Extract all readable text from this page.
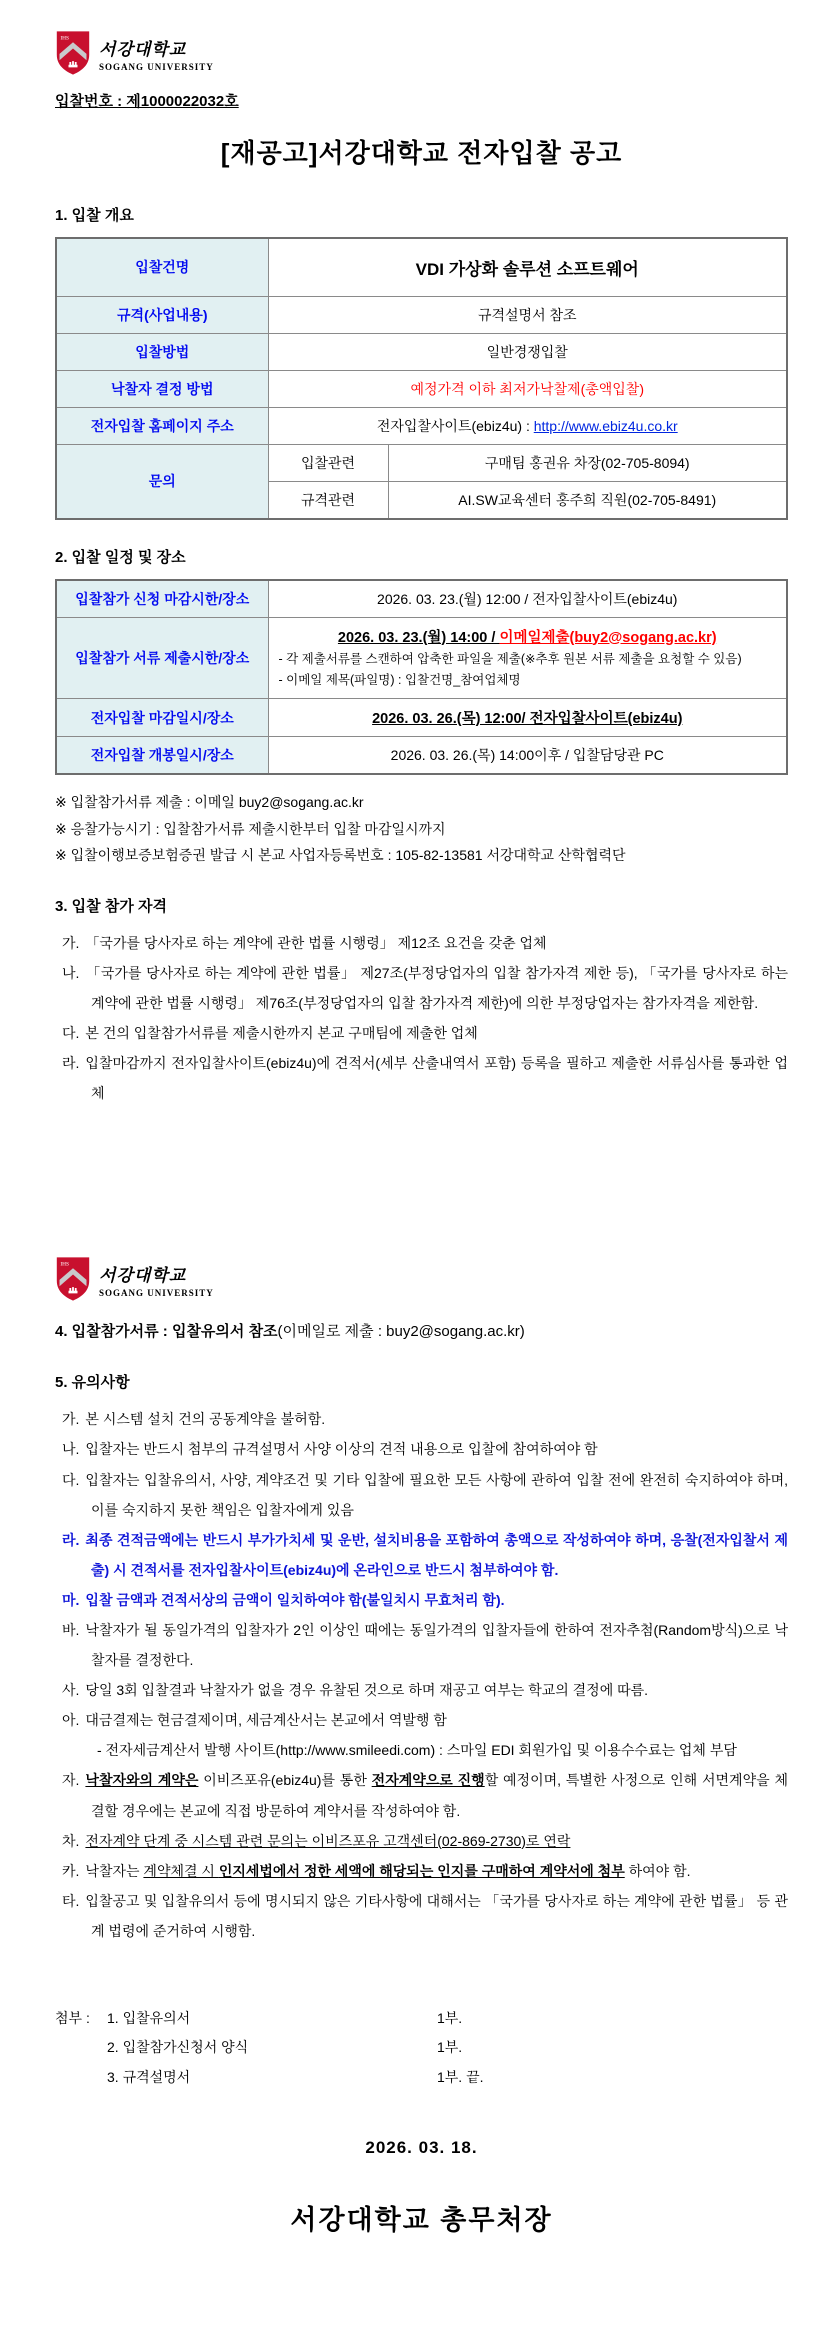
IHS
서강대학교
SOGANG UNIVERSITY
입찰번호 : 제1000022032호
[재공고]서강대학교 전자입찰 공고
1. 입찰 개요
입찰건명	VDI 가상화 솔루션 소프트웨어	
규격(사업내용)	규격설명서 참조	
입찰방법	일반경쟁입찰	
낙찰자 결정 방법	예정가격 이하 최저가낙찰제(총액입찰)	
전자입찰 홈페이지 주소	전자입찰사이트(ebiz4u) : http://www.ebiz4u.co.kr	
문의	입찰관련	구매팀 홍권유 차장(02-705-8094)
	규격관련	AI.SW교육센터 홍주희 직원(02-705-8491)
2. 입찰 일정 및 장소
입찰참가 신청 마감시한/장소	2026. 03. 23.(월) 12:00 / 전자입찰사이트(ebiz4u)
입찰참가 서류 제출시한/장소	2026. 03. 23.(월) 14:00 / 이메일제출(buy2@sogang.ac.kr)
- 각 제출서류를 스캔하여 압축한 파일을 제출(※추후 원본 서류 제출을 요청할 수 있음)
- 이메일 제목(파일명) : 입찰건명_참여업체명

전자입찰 마감일시/장소	2026. 03. 26.(목) 12:00/ 전자입찰사이트(ebiz4u)
전자입찰 개봉일시/장소	2026. 03. 26.(목) 14:00이후 / 입찰담당관 PC
※ 입찰참가서류 제출 : 이메일 buy2@sogang.ac.kr
※ 응찰가능시기 : 입찰참가서류 제출시한부터 입찰 마감일시까지
※ 입찰이행보증보험증권 발급 시 본교 사업자등록번호 : 105-82-13581 서강대학교 산학협력단
3. 입찰 참가 자격
가. 「국가를 당사자로 하는 계약에 관한 법률 시행령」 제12조 요건을 갖춘 업체
나. 「국가를 당사자로 하는 계약에 관한 법률」 제27조(부정당업자의 입찰 참가자격 제한 등), 「국가를 당사자로 하는 계약에 관한 법률 시행령」 제76조(부정당업자의 입찰 참가자격 제한)에 의한 부정당업자는 참가자격을 제한함.
다. 본 건의 입찰참가서류를 제출시한까지 본교 구매팀에 제출한 업체
라. 입찰마감까지 전자입찰사이트(ebiz4u)에 견적서(세부 산출내역서 포함) 등록을 필하고 제출한 서류심사를 통과한 업체
IHS
서강대학교
SOGANG UNIVERSITY
4. 입찰참가서류 : 입찰유의서 참조(이메일로 제출 : buy2@sogang.ac.kr)
5. 유의사항
가. 본 시스템 설치 건의 공동계약을 불허함.
나. 입찰자는 반드시 첨부의 규격설명서 사양 이상의 견적 내용으로 입찰에 참여하여야 함
다. 입찰자는 입찰유의서, 사양, 계약조건 및 기타 입찰에 필요한 모든 사항에 관하여 입찰 전에 완전히 숙지하여야 하며, 이를 숙지하지 못한 책임은 입찰자에게 있음
라. 최종 견적금액에는 반드시 부가가치세 및 운반, 설치비용을 포함하여 총액으로 작성하여야 하며, 응찰(전자입찰서 제출) 시 견적서를 전자입찰사이트(ebiz4u)에 온라인으로 반드시 첨부하여야 함.
마. 입찰 금액과 견적서상의 금액이 일치하여야 함(불일치시 무효처리 함).
바. 낙찰자가 될 동일가격의 입찰자가 2인 이상인 때에는 동일가격의 입찰자들에 한하여 전자추첨(Random방식)으로 낙찰자를 결정한다.
사. 당일 3회 입찰결과 낙찰자가 없을 경우 유찰된 것으로 하며 재공고 여부는 학교의 결정에 따름.
아. 대금결제는 현금결제이며, 세금계산서는 본교에서 역발행 함
- 전자세금계산서 발행 사이트(http://www.smileedi.com) : 스마일 EDI 회원가입 및 이용수수료는 업체 부담
자. 낙찰자와의 계약은 이비즈포유(ebiz4u)를 통한 전자계약으로 진행할 예정이며, 특별한 사정으로 인해 서면계약을 체결할 경우에는 본교에 직접 방문하여 계약서를 작성하여야 함.
차. 전자계약 단계 중 시스템 관련 문의는 이비즈포유 고객센터(02-869-2730)로 연락
카. 낙찰자는 계약체결 시 인지세법에서 정한 세액에 해당되는 인지를 구매하여 계약서에 첨부 하여야 함.
타. 입찰공고 및 입찰유의서 등에 명시되지 않은 기타사항에 대해서는 「국가를 당사자로 하는 계약에 관한 법률」 등 관계 법령에 준거하여 시행함.
첨부 :	1. 입찰유의서	1부.
2. 입찰참가신청서 양식	1부.
3. 규격설명서	1부. 끝.
2026. 03. 18.
서강대학교 총무처장
